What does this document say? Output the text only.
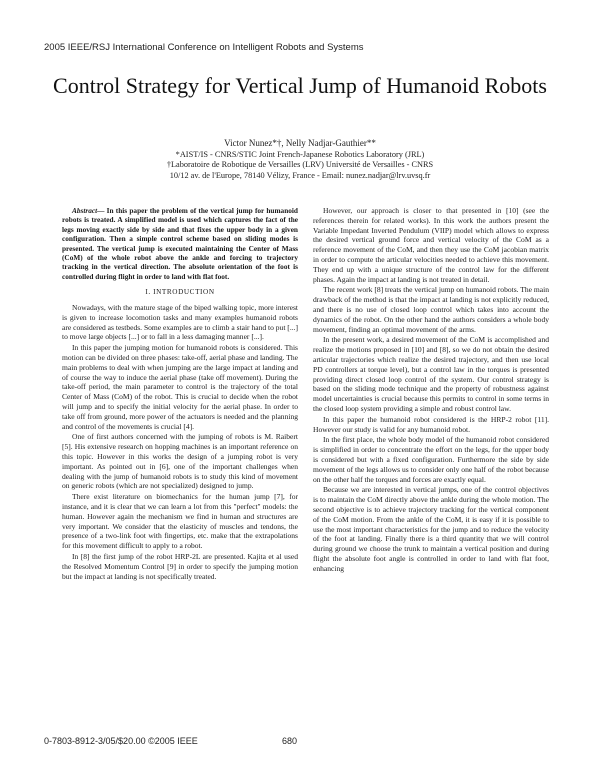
2005 IEEE/RSJ International Conference on Intelligent Robots and Systems
Control Strategy for Vertical Jump of Humanoid Robots
Victor Nunez*†, Nelly Nadjar-Gauthier**
*AIST/IS - CNRS/STIC Joint French-Japanese Robotics Laboratory (JRL)
†Laboratoire de Robotique de Versailles (LRV) Université de Versailles - CNRS
10/12 av. de l'Europe, 78140 Vélizy, France - Email: nunez.nadjar@lrv.uvsq.fr

Abstract— In this paper the problem of the vertical jump for humanoid robots is treated. A simplified model is used which captures the fact of the legs moving exactly side by side and that fixes the upper body in a given configuration. Then a simple control scheme based on sliding modes is presented. The vertical jump is executed maintaining the Center of Mass (CoM) of the whole robot above the ankle and forcing to trajectory tracking in the vertical direction. The absolute orientation of the foot is controlled during flight in order to land with flat foot.

I. INTRODUCTION

Nowadays, with the mature stage of the biped walking topic, more interest is given to increase locomotion tasks and many examples humanoid robots are considered as testbeds. Some examples are to climb a stair hand to put [...] to move large objects [...] or to fall in a less damaging manner [...].

In this paper the jumping motion for humanoid robots is considered. This motion can be divided on three phases: take-off, aerial phase and landing. The main problems to deal with when jumping are the large impact at landing and of course the way to induce the aerial phase (take off movement). During the take-off period, the main parameter to control is the trajectory of the total Center of Mass (CoM) of the robot. This is crucial to decide when the robot will jump and to specify the initial velocity for the aerial phase. In order to take off from ground, more power of the actuators is needed and the planning and control of the movements is crucial [4].

One of first authors concerned with the jumping of robots is M. Raibert [5]. His extensive research on hopping machines is an important reference on this topic. However in this works the design of a jumping robot is very important. As pointed out in [6], one of the important challenges when dealing with the jump of humanoid robots is to study this kind of movement on generic robots (which are not specialized) designed to jump.

There exist literature on biomechanics for the human jump [7], for instance, and it is clear that we can learn a lot from this "perfect" models: the human. However again the mechanism we find in human and structures are very important. We consider that the elasticity of muscles and tendons, the presence of a two-link foot with fingertips, etc. make that the extrapolations for this movement difficult to apply to a robot.

In [8] the first jump of the robot HRP-2L are presented. Kajita et al used the Resolved Momentum Control [9] in order to specify the jumping motion but the impact at landing is not specifically treated.

However, our approach is closer to that presented in [10] (see the references therein for related works). In this work the authors present the Variable Impedant Inverted Pendulum (VIIP) model which allows to express the desired vertical ground force and vertical velocity of the CoM as a reference movement of the CoM, and then they use the CoM jacobian matrix in order to compute the articular velocities needed to achieve this movement. They end up with a unique structure of the control law for the different phases. Again the impact at landing is not treated in detail.

The recent work [8] treats the vertical jump on humanoid robots. The main drawback of the method is that the impact at landing is not explicitly reduced, and there is no use of closed loop control which takes into account the dynamics of the robot. On the other hand the authors considers a whole body movement, finding an optimal movement of the arms.

In the present work, a desired movement of the CoM is accomplished and realize the motions proposed in [10] and [8], so we do not obtain the desired articular trajectories which realize the desired trajectory, and then use local PD controllers at torque level), but a control law in the torques is presented providing direct closed loop control of the system. Our control strategy is based on the sliding mode technique and the property of robustness against model uncertainties is crucial because this permits to control in some terms in the closed loop system providing a simple and robust control law.

In this paper the humanoid robot considered is the HRP-2 robot [11]. However our study is valid for any humanoid robot.

In the first place, the whole body model of the humanoid robot considered is simplified in order to concentrate the effort on the legs, for the upper body is considered but with a fixed configuration. Furthermore the side by side movement of the legs allows us to consider only one half of the robot because on the other half the torques and forces are exactly equal.

Because we are interested in vertical jumps, one of the control objectives is to maintain the CoM directly above the ankle during the whole motion. The second objective is to achieve trajectory tracking for the vertical component of the CoM motion. From the ankle of the CoM, it is easy if it is possible to use the most important characteristics for the jump and to reduce the velocity of the foot at landing. Finally there is a third quantity that we will control during ground we choose the trunk to maintain a vertical position and during flight the absolute foot angle is controlled in order to land with flat foot, enhancing

0-7803-8912-3/05/$20.00 ©2005 IEEE	680
